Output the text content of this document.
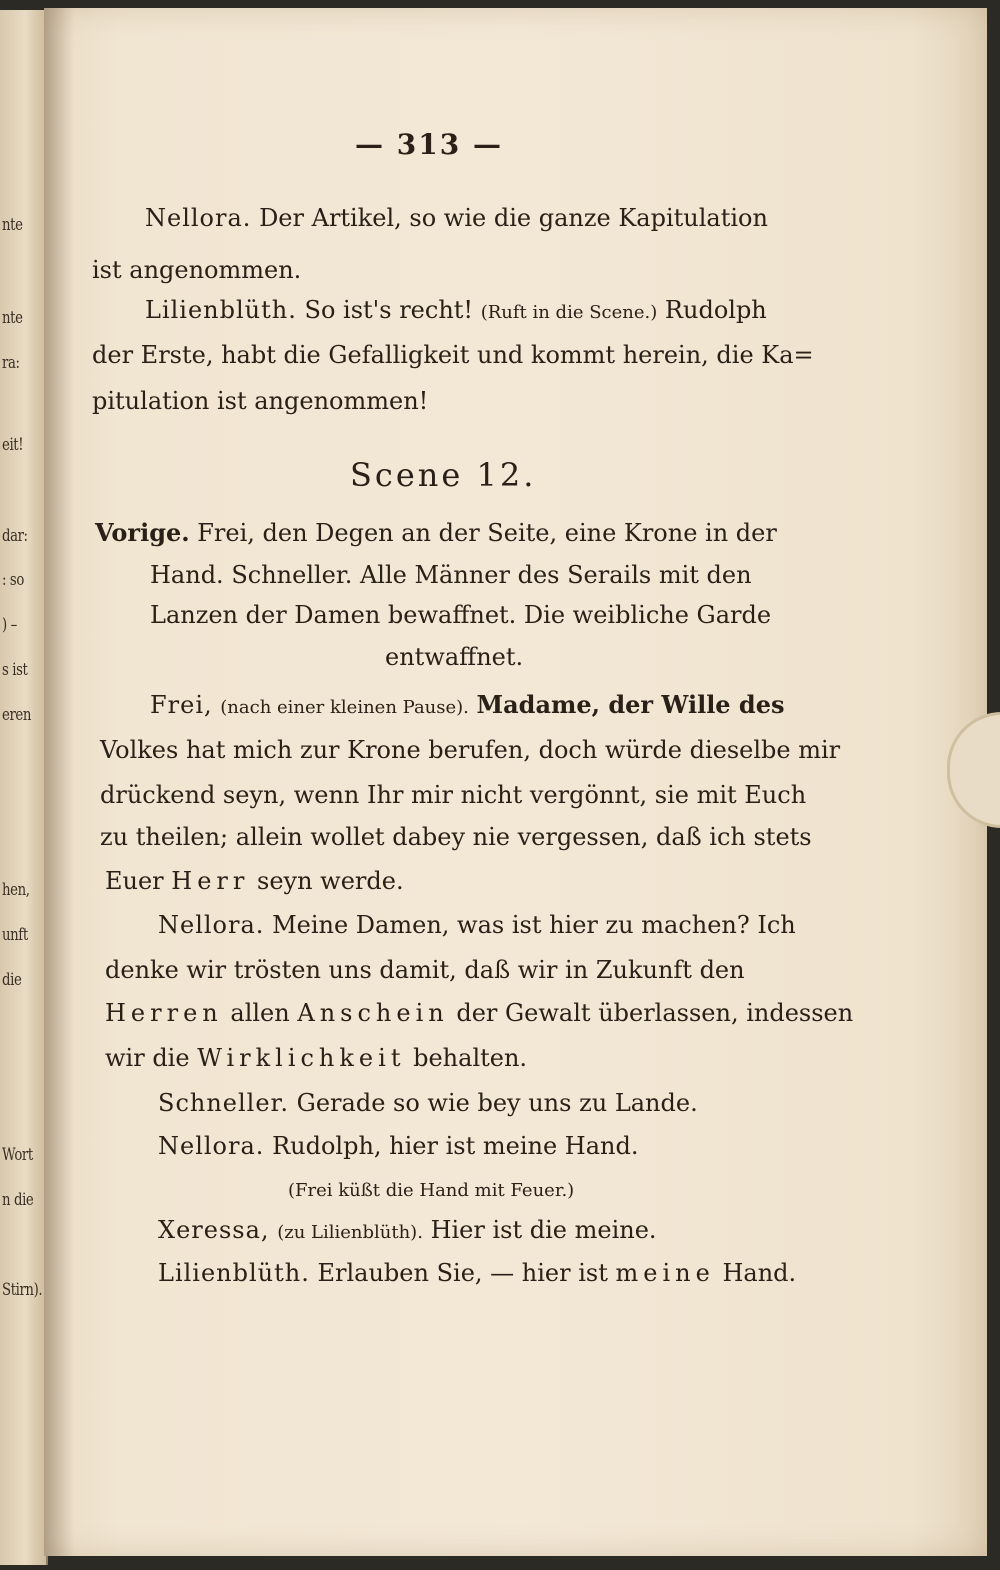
nte
nte
ra:
eit!
dar:
: so
) –
s ist
eren
hen,
unft
die
Wort
n die
Stirn).
— 313 —
Nellora. Der Artikel, so wie die ganze Kapitulation
ist angenommen.
Lilienblüth. So ist's recht! (Ruft in die Scene.) Rudolph
der Erste, habt die Gefalligkeit und kommt herein, die Ka=
pitulation ist angenommen!
Scene 12.
Vorige. Frei, den Degen an der Seite, eine Krone in der
Hand. Schneller. Alle Männer des Serails mit den
Lanzen der Damen bewaffnet. Die weibliche Garde
entwaffnet.
Frei, (nach einer kleinen Pause). Madame, der Wille des
Volkes hat mich zur Krone berufen, doch würde dieselbe mir
drückend seyn, wenn Ihr mir nicht vergönnt, sie mit Euch
zu theilen; allein wollet dabey nie vergessen, daß ich stets
Euer Herr seyn werde.
Nellora. Meine Damen, was ist hier zu machen? Ich
denke wir trösten uns damit, daß wir in Zukunft den
Herren allen Anschein der Gewalt überlassen, indessen
wir die Wirklichkeit behalten.
Schneller. Gerade so wie bey uns zu Lande.
Nellora. Rudolph, hier ist meine Hand.
(Frei küßt die Hand mit Feuer.)
Xeressa, (zu Lilienblüth). Hier ist die meine.
Lilienblüth. Erlauben Sie, — hier ist meine Hand.
